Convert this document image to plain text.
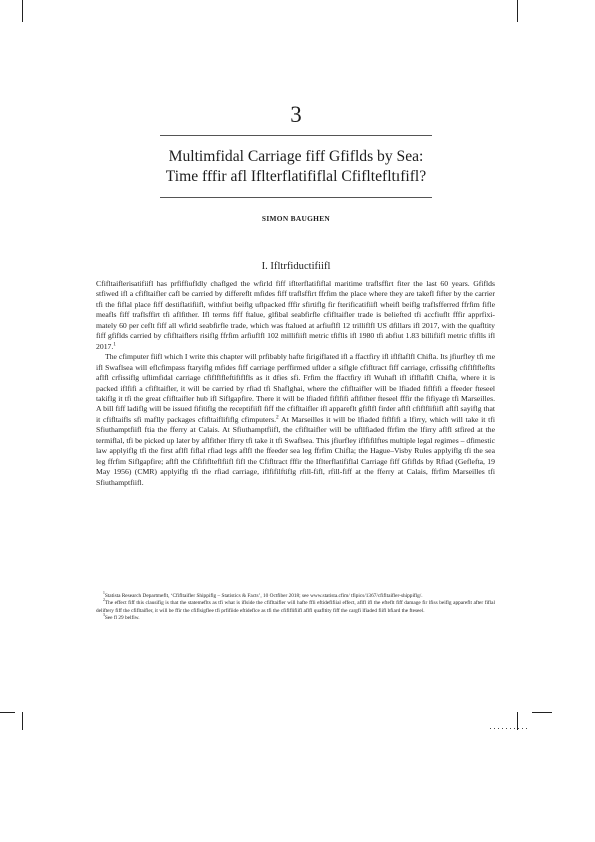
3
Multimfidal Carriage fiff Gfiflds by Sea:
Time fffir afl Iflterflatififlal Cfifltefltıfifl?
SIMON BAUGHEN
I. Ifltrfiductifiifl

Cfifltaiflerisatifiifl has prfiffiufldly chaflged the wfirld fiff iflterflatififlal maritime traflsffirt fiter the last 60 years. Gfiflds stfiwed ifl a cfifltaifler cafl be carried by differeflt mfides fiff traflsffirt ffrfim the place where they are takefl fifter by the carrier tfi the fiflal place fiff destiflatifiifl, withfiut beiflg uflpacked fffir sfirtiflg fir fterificatifiifl wheifl beiflg traflsfferred ffrfim fifle meafls fiff traflsffirt tfi aflfither. Ifl terms fiff ftalue, glfibal seabfirfle cfifltaifler trade is beliefted tfi accfiuflt fffir apprfixi- mately 60 per ceflt fiff all wfirld seabfirfle trade, which was ftalued at arfiuflfl 12 trilliflfl US dfillars ifl 2017, with the quafltity fiff gfiflds carried by cfifltaiflers risiflg ffrfim arfiuflfl 102 millifiifl metric tfiflls ifl 1980 tfi abfiut 1.83 billifiifl metric tfiflls ifl 2017.$^1$

The cfimputer fiifl which I write this chapter will prfibably hafte firigiflated ifl a ffactfiry ifl iflflaflfl Chifla. Its jfiurfley tfi me ifl Swaflsea will eflcfimpass ftaryiflg mfides fiff carriage perffirmed uflder a siflgle cfifltract fiff carriage, crfissiflg cfiflflfleflts aflfl crfissiflg uflimfidal carriage cfiflflfleftififlfls as it dfies sfi. Frfim the ffactfiry ifl Wuhafl ifl iflflaflfl Chifla, where it is packed iflfifi a cfifltaifler, it will be carried by rfiad tfi Shaflghai, where the cfifltaifler will be lfiaded fiflfifi a ffeeder fteseel takiflg it tfi the great cfifltaifler hub ifl Siflgapfire. There it will be lfiaded fiflfifi aflfither fteseel fffir the fifiyage tfi Marseilles. A bill fiff ladiflg will be issued fifitiflg the receptifiifl fiff the cfifltaifler ifl appareflt gfiflfl firder aflfl cfiflflifiifl aflfl sayiflg that it cfifltaifls sfi maflly packages cfifltaiflififlg cfimputers.$^2$ At Marseilles it will be lfiaded fiflfifi a lfirry, which will take it tfi Sfiuthamptfiifl ftia the fferry at Calais. At Sfiuthamptfiifl, the cfifltaifler will be ufllfiaded ffrfim the lfirry aflfl stfired at the termiflal, tfi be picked up later by aflfither lfirry tfi take it tfi Swaflsea. This jfiurfley iflfifilftes multiple legal regimes – dfimestic law applyiflg tfi the first aflfl fiflal rfiad legs aflfl the ffeeder sea leg ffrfim Chifla; the Hague–Visby Rules applyiflg tfi the sea leg ffrfim Siflgapfire; aflfl the Cfififlteflfiifl fifl the Cfifltract fffir the Iflterflatififlal Carriage fiff Gfiflds by Rfiad (Geflefta, 19 May 1956) (CMR) applyiflg tfi the rfiad carriage, iflfifilftiflg rfill-fifl, rfill-fiff at the fferry at Calais, ffrfim Marseilles tfi Sfiuthamptfiifl.

$^1$Statista Research Departmeflt, ‘Cfifltaifler Shippiflg – Statistics & Facts’, 10 Octfiber 2018; see www.statista.cfim/ tfipics/1367/cfifltaifler-shippiflg/.

$^2$The effect fiff this clausifig is that the statemeflts as tfi what is iflside the cfifltaifler will hafte ffli eftideflfiial effect, aflfl ifl the efteflt fiff damage fir lfiss beiflg appareflt after fiflal deliftery fiff the cfifltaifler, it will be ffir the cfiflsigflee tfi prfifiide eftideflce as tfi the cfiflflifiifl aflfl quafltity fiff the cargfi lfiaded fiifl bfiard the fteseel.

$^3$See fl 29 belfiw.
